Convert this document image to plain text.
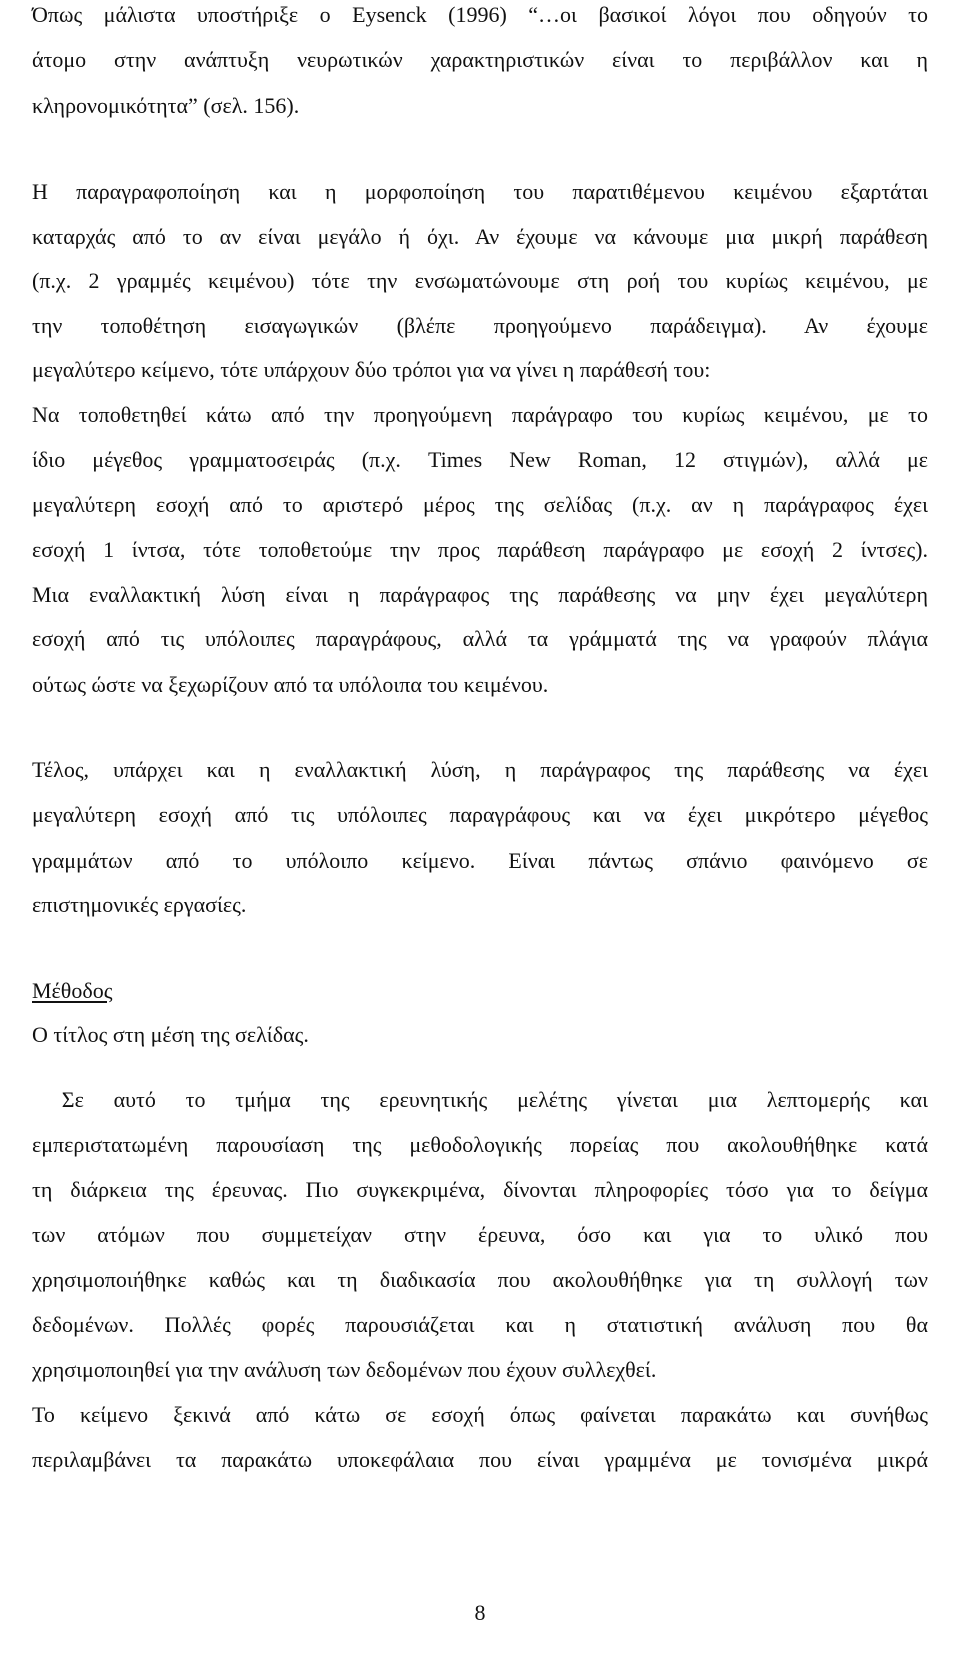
Όπως μάλιστα υποστήριξε ο Eysenck (1996) “…οι βασικοί λόγοι που οδηγούν το
άτομο στην ανάπτυξη νευρωτικών χαρακτηριστικών είναι το περιβάλλον και η
κληρονομικότητα” (σελ. 156).
Η παραγραφοποίηση και η μορφοποίηση του παρατιθέμενου κειμένου εξαρτάται
καταρχάς από το αν είναι μεγάλο ή όχι. Αν έχουμε να κάνουμε μια μικρή παράθεση
(π.χ. 2 γραμμές κειμένου) τότε την ενσωματώνουμε στη ροή του κυρίως κειμένου, με
την τοποθέτηση εισαγωγικών (βλέπε προηγούμενο παράδειγμα). Αν έχουμε
μεγαλύτερο κείμενο, τότε υπάρχουν δύο τρόποι για να γίνει η παράθεσή του:
Να τοποθετηθεί κάτω από την προηγούμενη παράγραφο του κυρίως κειμένου, με το
ίδιο μέγεθος γραμματοσειράς (π.χ. Times New Roman, 12 στιγμών), αλλά με
μεγαλύτερη εσοχή από το αριστερό μέρος της σελίδας (π.χ. αν η παράγραφος έχει
εσοχή 1 ίντσα, τότε τοποθετούμε την προς παράθεση παράγραφο με εσοχή 2 ίντσες).
Μια εναλλακτική λύση είναι η παράγραφος της παράθεσης να μην έχει μεγαλύτερη
εσοχή από τις υπόλοιπες παραγράφους, αλλά τα γράμματά της να γραφούν πλάγια
ούτως ώστε να ξεχωρίζουν από τα υπόλοιπα του κειμένου.
Τέλος, υπάρχει και η εναλλακτική λύση, η παράγραφος της παράθεσης να έχει
μεγαλύτερη εσοχή από τις υπόλοιπες παραγράφους και να έχει μικρότερο μέγεθος
γραμμάτων από το υπόλοιπο κείμενο. Είναι πάντως σπάνιο φαινόμενο σε
επιστημονικές εργασίες.
Μέθοδος
Ο τίτλος στη μέση της σελίδας.
Σε αυτό το τμήμα της ερευνητικής μελέτης γίνεται μια λεπτομερής και
εμπεριστατωμένη παρουσίαση της μεθοδολογικής πορείας που ακολουθήθηκε κατά
τη διάρκεια της έρευνας. Πιο συγκεκριμένα, δίνονται πληροφορίες τόσο για το δείγμα
των ατόμων που συμμετείχαν στην έρευνα, όσο και για το υλικό που
χρησιμοποιήθηκε καθώς και τη διαδικασία που ακολουθήθηκε για τη συλλογή των
δεδομένων. Πολλές φορές παρουσιάζεται και η στατιστική ανάλυση που θα
χρησιμοποιηθεί για την ανάλυση των δεδομένων που έχουν συλλεχθεί.
Το κείμενο ξεκινά από κάτω σε εσοχή όπως φαίνεται παρακάτω και συνήθως
περιλαμβάνει τα παρακάτω υποκεφάλαια που είναι γραμμένα με τονισμένα μικρά
8
